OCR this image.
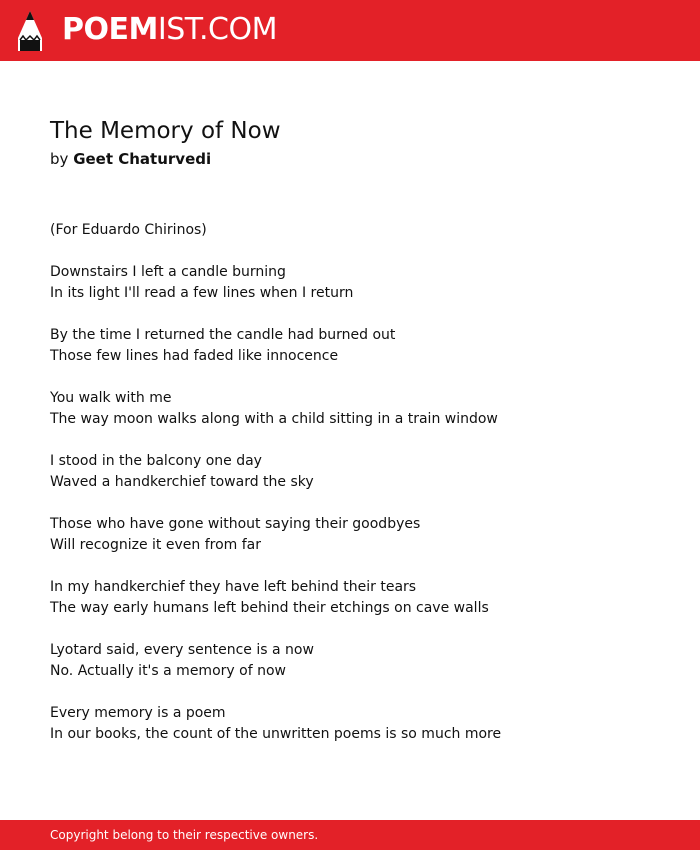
POEMIST.COM
The Memory of Now

by Geet Chaturvedi

(For Eduardo Chirinos)
Downstairs I left a candle burning
In its light I'll read a few lines when I return
By the time I returned the candle had burned out
Those few lines had faded like innocence
You walk with me
The way moon walks along with a child sitting in a train window
I stood in the balcony one day
Waved a handkerchief toward the sky
Those who have gone without saying their goodbyes
Will recognize it even from far
In my handkerchief they have left behind their tears
The way early humans left behind their etchings on cave walls
Lyotard said, every sentence is a now
No. Actually it's a memory of now
Every memory is a poem
In our books, the count of the unwritten poems is so much more
Copyright belong to their respective owners.
